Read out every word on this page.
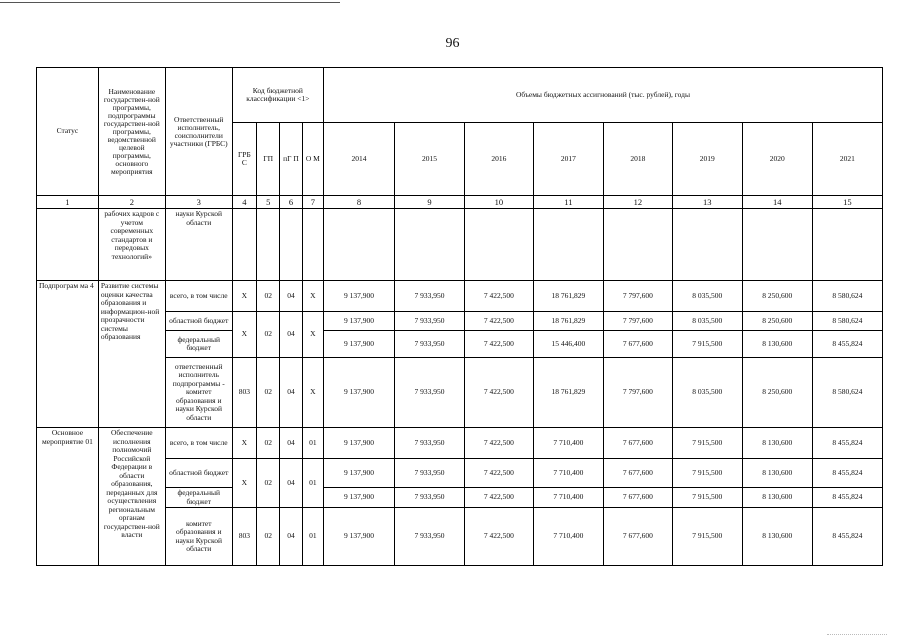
96
Статус	Наименование государствен-ной программы, подпрограммы государствен-ной программы, ведомственной целевой программы, основного мероприятия	Ответственный исполнитель, соисполнители участники (ГРБС)	Код бюджетной классификации <1>				Объемы бюджетных ассигнований (тыс. рублей), годы							
			ГРБ С	ГП	пГ П	О М	2014	2015	2016	2017	2018	2019	2020	2021
1	2	3	4	5	6	7	8	9	10	11	12	13	14	15
	рабочих кадров с учетом современных стандартов и передовых технологий»	науки Курской области												
Подпрограм ма 4	Развитие системы оценки качества образования и информацион-ной прозрачности системы образования	всего, в том числе	Х	02	04	Х	9 137,900	7 933,950	7 422,500	18 761,829	7 797,600	8 035,500	8 250,600	8 580,624
		областной бюджет	Х	02	04	Х	9 137,900	7 933,950	7 422,500	18 761,829	7 797,600	8 035,500	8 250,600	8 580,624
		федеральный бюджет					9 137,900	7 933,950	7 422,500	15 446,400	7 677,600	7 915,500	8 130,600	8 455,824
		ответственный исполнитель подпрограммы - комитет образования и науки Курской области	803	02	04	Х	9 137,900	7 933,950	7 422,500	18 761,829	7 797,600	8 035,500	8 250,600	8 580,624
Основное мероприятие 01	Обеспечение исполнения полномочий Российской Федерации в области образования, переданных для осуществления региональным органам государствен-ной власти	всего, в том числе	Х	02	04	01	9 137,900	7 933,950	7 422,500	7 710,400	7 677,600	7 915,500	8 130,600	8 455,824
		областной бюджет	Х	02	04	01	9 137,900	7 933,950	7 422,500	7 710,400	7 677,600	7 915,500	8 130,600	8 455,824
		федеральный бюджет					9 137,900	7 933,950	7 422,500	7 710,400	7 677,600	7 915,500	8 130,600	8 455,824
		комитет образования и науки Курской области	803	02	04	01	9 137,900	7 933,950	7 422,500	7 710,400	7 677,600	7 915,500	8 130,600	8 455,824
